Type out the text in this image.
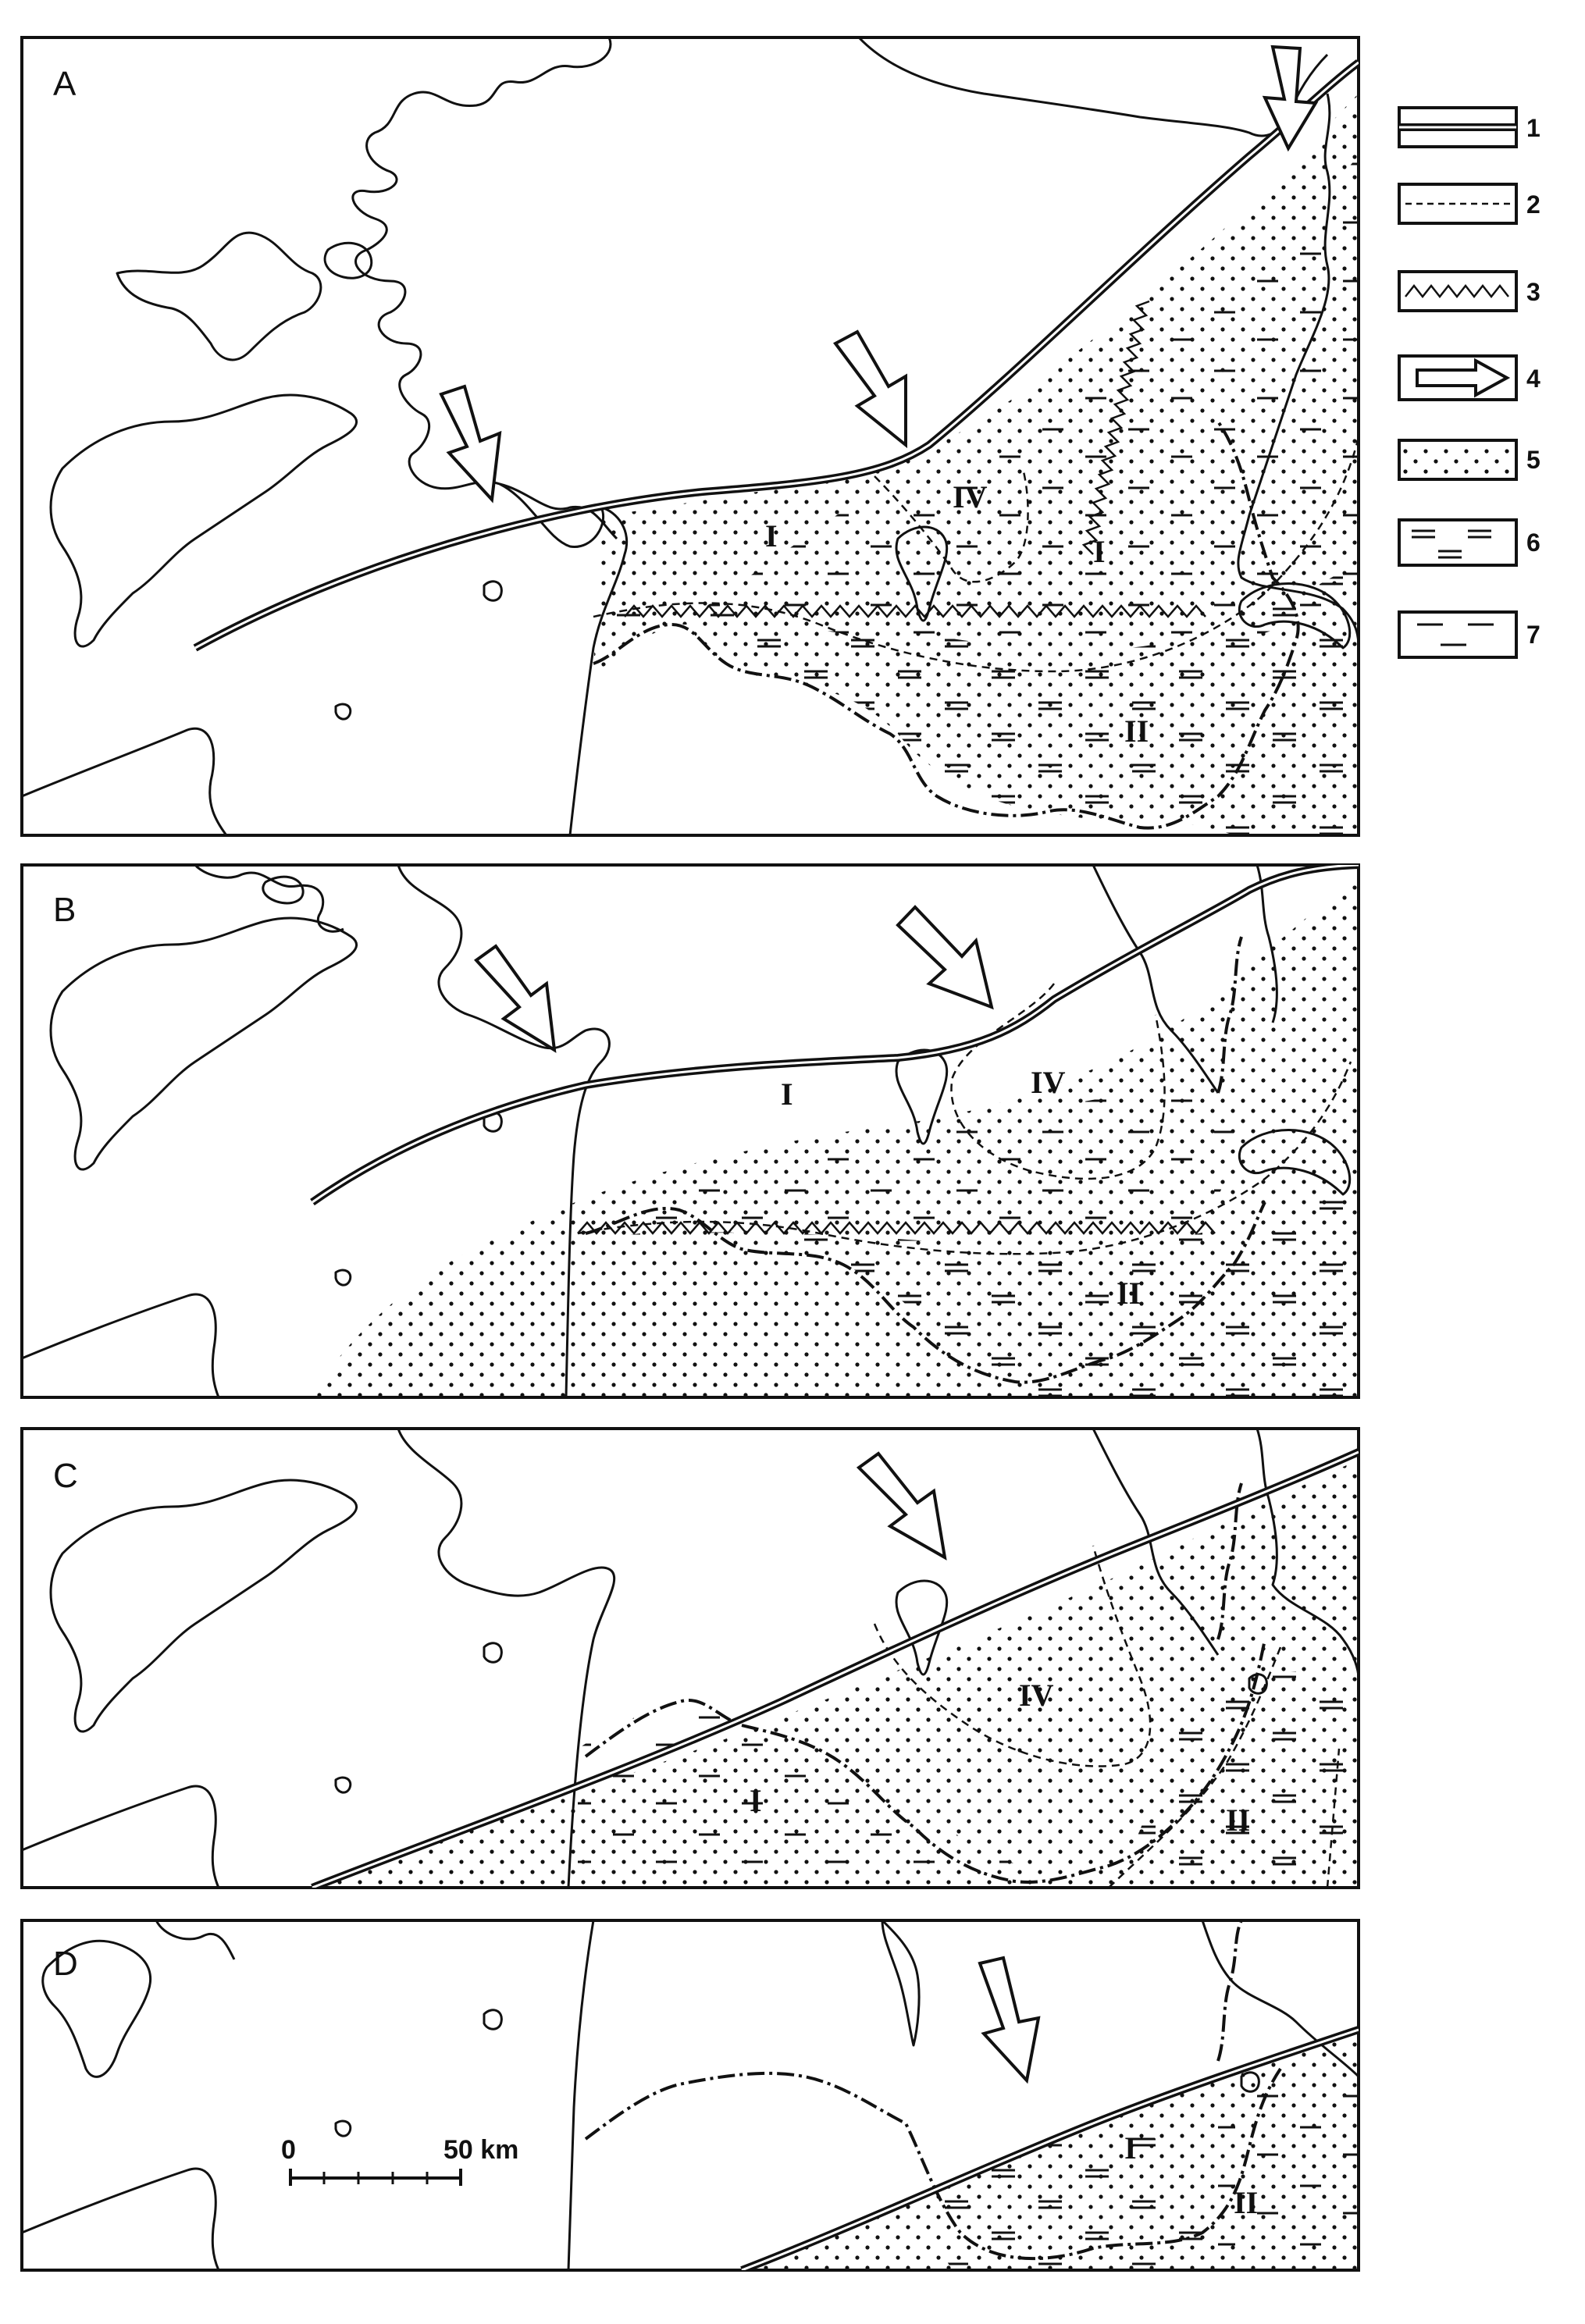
A
I
IV
I
II
B
I	IV
II
C
IV
I
II
D
I
II
0	50 km
1
2
3
4
5
6
7
